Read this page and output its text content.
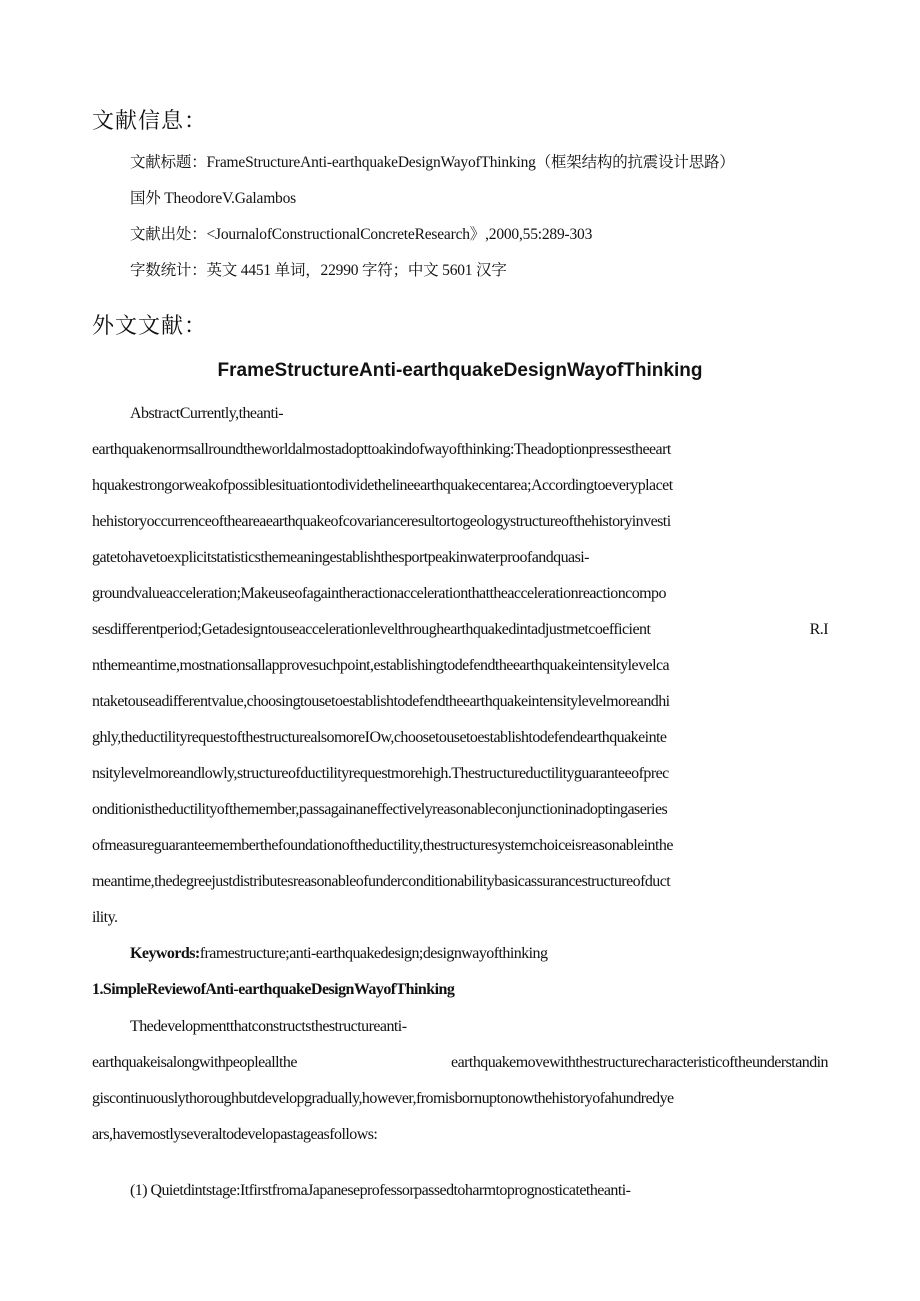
文献信息：
文献标题：FrameStructureAnti-earthquakeDesignWayofThinking（框架结构的抗震设计思路）
国外 TheodoreV.Galambos
文献出处：<JournalofConstructionalConcreteResearch》,2000,55:289-303
字数统计：英文 4451 单词，22990 字符；中文 5601 汉字
外文文献：
FrameStructureAnti-earthquakeDesignWayofThinking
AbstractCurrently,theanti-
earthquakenormsallroundtheworldalmostadopttoakindofwayofthinking:Theadoptionpressestheeart
hquakestrongorweakofpossiblesituationtodividethelineearthquakecentarea;Accordingtoeveryplacet
hehistoryoccurrenceoftheareaearthquakeofcovarianceresultortogeologystructureofthehistoryinvesti
gatetohavetoexplicitstatisticsthemeaningestablishthesportpeakinwaterproofandquasi-
groundvalueacceleration;Makeuseofagaintheractionaccelerationthattheaccelerationreactioncompo
sesdifferentperiod;Getadesigntouseaccelerationlevelthroughearthquakedintadjustmetcoefficient R.I
nthemeantime,mostnationsallapprovesuchpoint,establishingtodefendtheearthquakeintensitylevelca
ntaketouseadifferentvalue,choosingtousetoestablishtodefendtheearthquakeintensitylevelmoreandhi
ghly,theductilityrequestofthestructurealsomoreIOw,choosetousetoestablishtodefendearthquakeinte
nsitylevelmoreandlowly,structureofductilityrequestmorehigh.Thestructureductilityguaranteeofprec
onditionistheductilityofthemember,passagainaneffectivelyreasonableconjunctioninadoptingaseries
ofmeasureguaranteememberthefoundationoftheductility,thestructuresystemchoiceisreasonableinthe
meantime,thedegreejustdistributesreasonableofunderconditionabilitybasicassurancestructureofduct
ility.
Keywords:framestructure;anti-earthquakedesign;designwayofthinking
1.SimpleReviewofAnti-earthquakeDesignWayofThinking
Thedevelopmentthatconstructsthestructureanti-
earthquakeisalongwithpeopleallthe earthquakemovewiththestructurecharacteristicoftheunderstandin
giscontinuouslythoroughbutdevelopgradually,however,fromisbornuptonowthehistoryofahundredye
ars,havemostlyseveraltodevelopastageasfollows:
(1) Quietdintstage:ItfirstfromaJapaneseprofessorpassedtoharmtoprognosticatetheanti-
